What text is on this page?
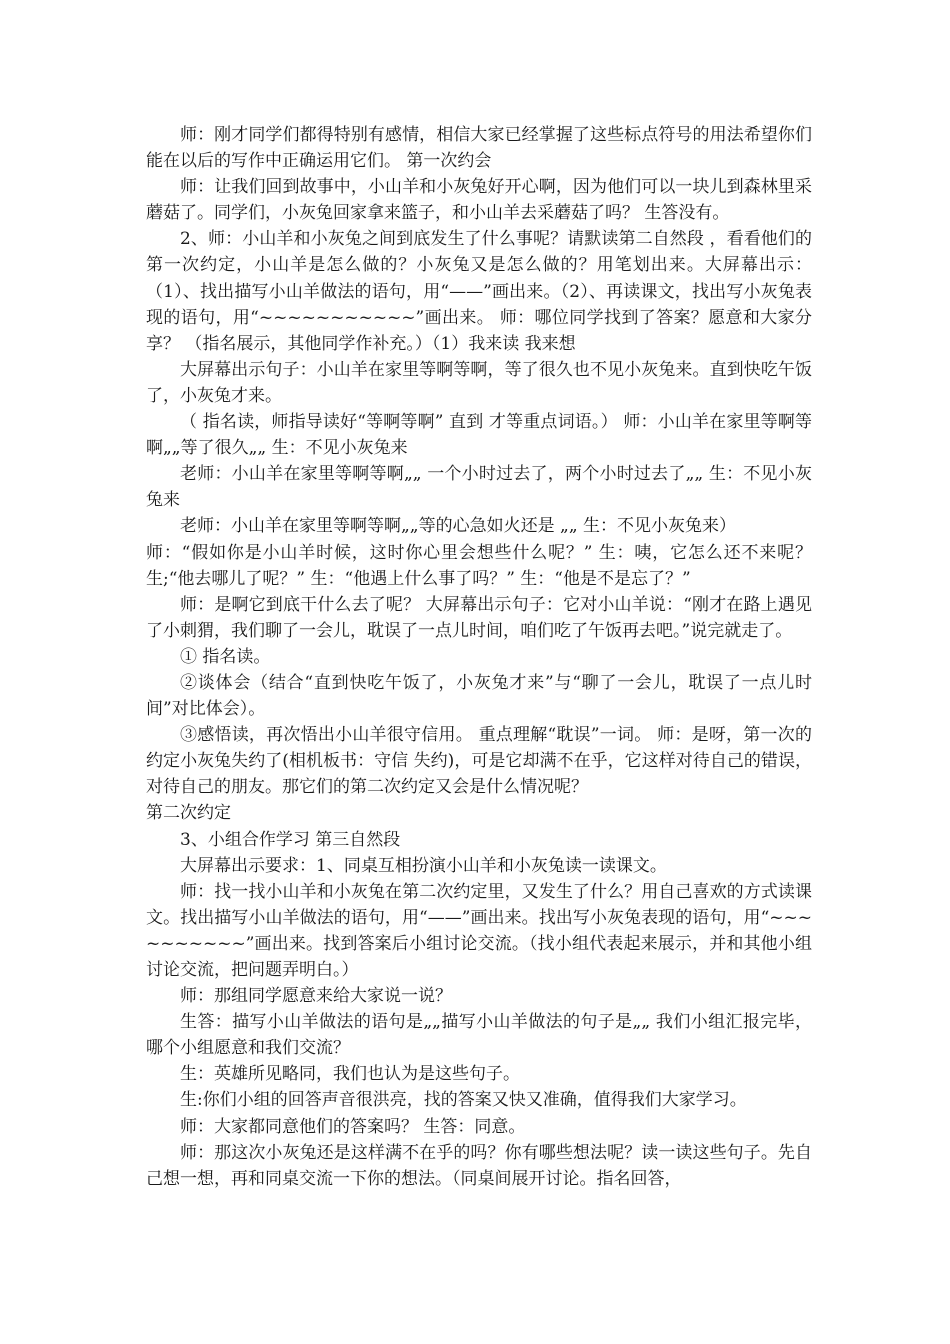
师：刚才同学们都得特别有感情，相信大家已经掌握了这些标点符号的用法希望你们能在以后的写作中正确运用它们。 第一次约会

师：让我们回到故事中，小山羊和小灰兔好开心啊，因为他们可以一块儿到森林里采蘑菇了。同学们，小灰兔回家拿来篮子，和小山羊去采蘑菇了吗？ 生答没有。

2、师：小山羊和小灰兔之间到底发生了什么事呢？请默读第二自然段 ，看看他们的第一次约定，小山羊是怎么做的？小灰兔又是怎么做的？用笔划出来。大屏幕出示：（1）、找出描写小山羊做法的语句，用“——”画出来。（2）、再读课文，找出写小灰兔表现的语句，用“~~~~~~~~~~~”画出来。 师：哪位同学找到了答案？愿意和大家分享？ （指名展示，其他同学作补充。）（1）我来读 我来想

大屏幕出示句子：小山羊在家里等啊等啊，等了很久也不见小灰兔来。直到快吃午饭 了，小灰兔才来。

（ 指名读，师指导读好“等啊等啊” 直到 才等重点词语。） 师：小山羊在家里等啊等啊„„等了很久„„ 生：不见小灰兔来

老师：小山羊在家里等啊等啊„„ 一个小时过去了，两个小时过去了„„ 生：不见小灰兔来

老师：小山羊在家里等啊等啊„„等的心急如火还是 „„ 生：不见小灰兔来）

师：“假如你是小山羊时候，这时你心里会想些什么呢？” 生：咦，它怎么还不来呢？ 生;“他去哪儿了呢？” 生：“他遇上什么事了吗？” 生：“他是不是忘了？”

师：是啊它到底干什么去了呢？ 大屏幕出示句子：它对小山羊说：“刚才在路上遇见了小刺猬，我们聊了一会儿，耽误了一点儿时间，咱们吃了午饭再去吧。”说完就走了。

① 指名读。

②谈体会（结合“直到快吃午饭了，小灰兔才来”与“聊了一会儿，耽误了一点儿时间”对比体会）。

③感悟读，再次悟出小山羊很守信用。 重点理解“耽误”一词。 师：是呀，第一次的约定小灰兔失约了(相机板书：守信 失约)，可是它却满不在乎，它这样对待自己的错误，对待自己的朋友。那它们的第二次约定又会是什么情况呢？

第二次约定

3、小组合作学习 第三自然段

大屏幕出示要求：1、同桌互相扮演小山羊和小灰兔读一读课文。

师：找一找小山羊和小灰兔在第二次约定里，又发生了什么？用自己喜欢的方式读课文。找出描写小山羊做法的语句，用“——”画出来。找出写小灰兔表现的语句，用“~~~~~~~~~~”画出来。找到答案后小组讨论交流。（找小组代表起来展示，并和其他小组讨论交流，把问题弄明白。）

师：那组同学愿意来给大家说一说？

生答：描写小山羊做法的语句是„„描写小山羊做法的句子是„„ 我们小组汇报完毕，哪个小组愿意和我们交流？

生：英雄所见略同，我们也认为是这些句子。

生:你们小组的回答声音很洪亮，找的答案又快又准确，值得我们大家学习。

师：大家都同意他们的答案吗？ 生答：同意。

师：那这次小灰兔还是这样满不在乎的吗？你有哪些想法呢？读一读这些句子。先自己想一想，再和同桌交流一下你的想法。（同桌间展开讨论。指名回答，
